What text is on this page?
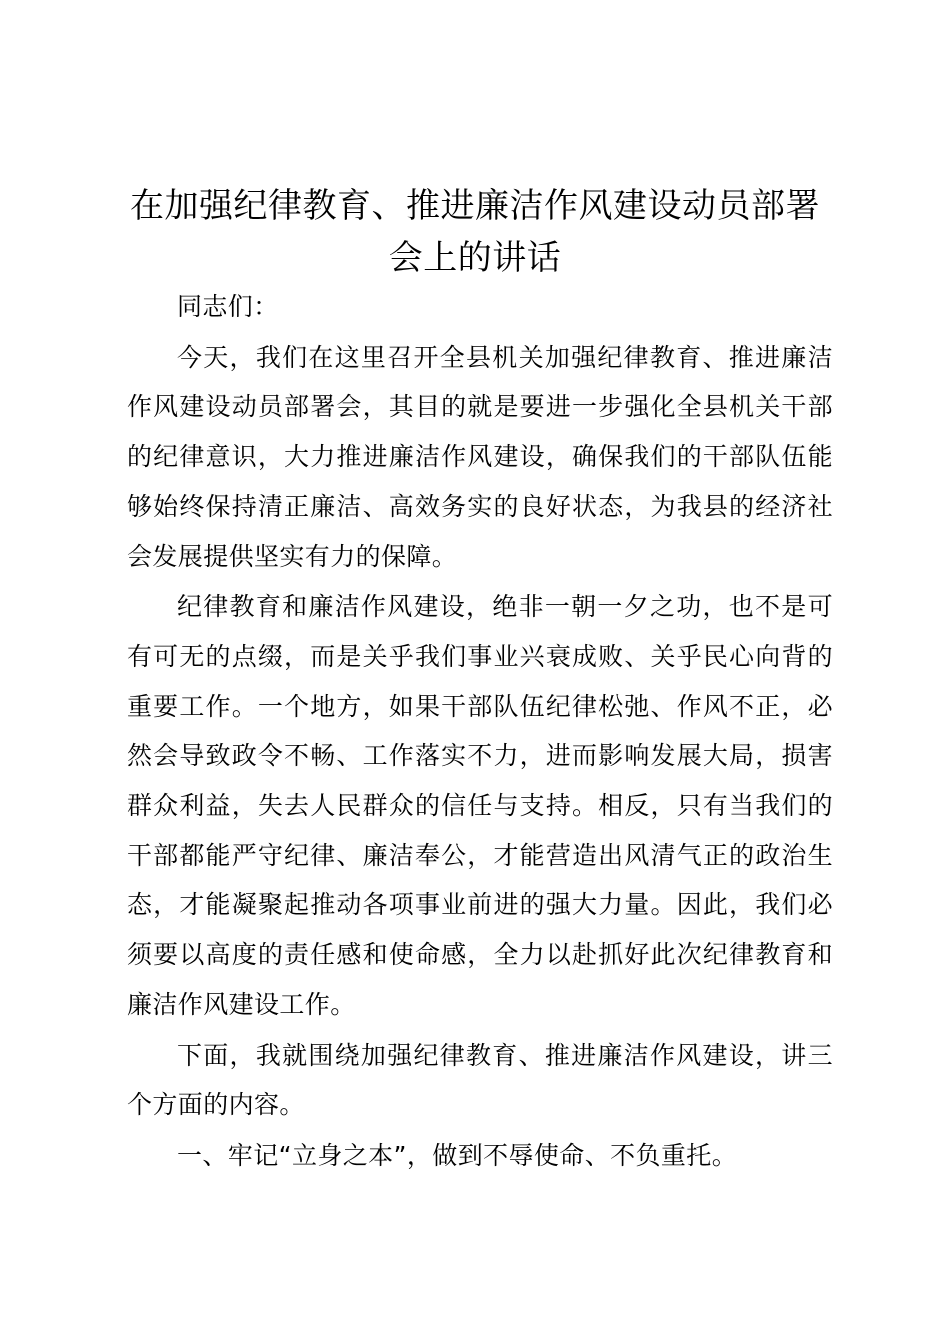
在加强纪律教育、推进廉洁作风建设动员部署会上的讲话

同志们：

今天，我们在这里召开全县机关加强纪律教育、推进廉洁作风建设动员部署会，其目的就是要进一步强化全县机关干部的纪律意识，大力推进廉洁作风建设，确保我们的干部队伍能够始终保持清正廉洁、高效务实的良好状态，为我县的经济社会发展提供坚实有力的保障。

纪律教育和廉洁作风建设，绝非一朝一夕之功，也不是可有可无的点缀，而是关乎我们事业兴衰成败、关乎民心向背的重要工作。一个地方，如果干部队伍纪律松弛、作风不正，必然会导致政令不畅、工作落实不力，进而影响发展大局，损害群众利益，失去人民群众的信任与支持。相反，只有当我们的干部都能严守纪律、廉洁奉公，才能营造出风清气正的政治生态，才能凝聚起推动各项事业前进的强大力量。因此，我们必须要以高度的责任感和使命感，全力以赴抓好此次纪律教育和廉洁作风建设工作。

下面，我就围绕加强纪律教育、推进廉洁作风建设，讲三个方面的内容。

一、牢记“立身之本”，做到不辱使命、不负重托。
